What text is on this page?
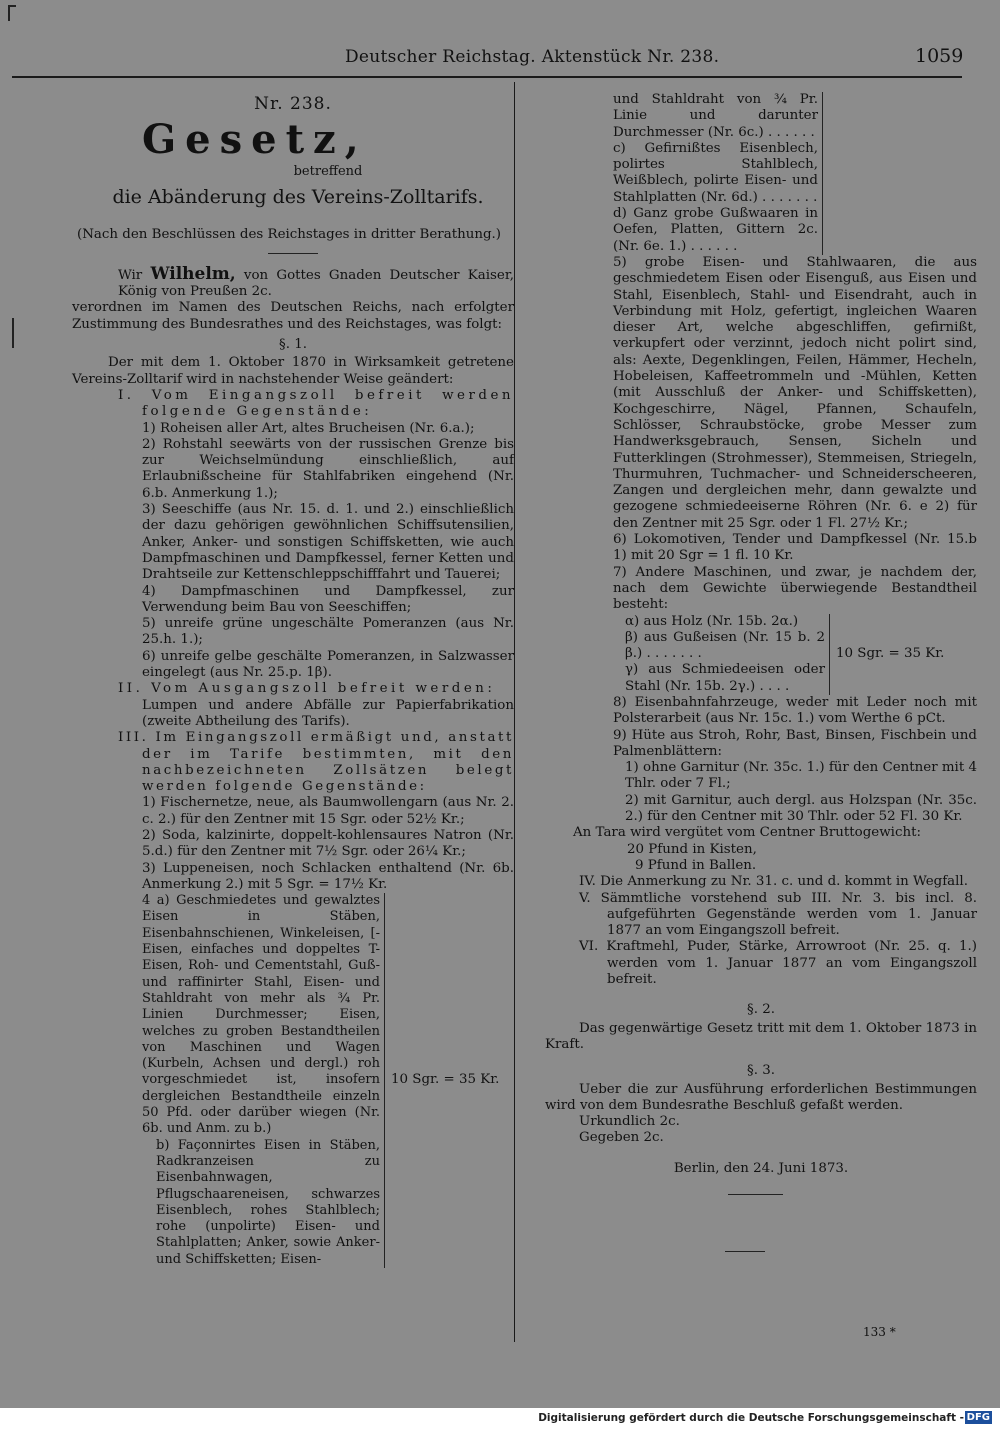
Deutscher Reichstag. Aktenstück Nr. 238.	1059
Nr. 238.
Gesetz,
betreffend
die Abänderung des Vereins-Zolltarifs.
(Nach den Beschlüssen des Reichstages in dritter Berathung.)
Wir Wilhelm, von Gottes Gnaden Deutscher Kaiser, König von Preußen 2c.
verordnen im Namen des Deutschen Reichs, nach erfolgter Zustimmung des Bundesrathes und des Reichstages, was folgt:
§. 1.
Der mit dem 1. Oktober 1870 in Wirksamkeit getretene Vereins-Zolltarif wird in nachstehender Weise geändert:
I. Vom Eingangszoll befreit werden folgende Gegenstände:
1) Roheisen aller Art, altes Brucheisen (Nr. 6.a.);
2) Rohstahl seewärts von der russischen Grenze bis zur Weichselmündung einschließlich, auf Erlaubnißscheine für Stahlfabriken eingehend (Nr. 6.b. Anmerkung 1.);
3) Seeschiffe (aus Nr. 15. d. 1. und 2.) einschließlich der dazu gehörigen gewöhnlichen Schiffsutensilien, Anker, Anker- und sonstigen Schiffsketten, wie auch Dampfmaschinen und Dampfkessel, ferner Ketten und Drahtseile zur Kettenschleppschifffahrt und Tauerei;
4) Dampfmaschinen und Dampfkessel, zur Verwendung beim Bau von Seeschiffen;
5) unreife grüne ungeschälte Pomeranzen (aus Nr. 25.h. 1.);
6) unreife gelbe geschälte Pomeranzen, in Salzwasser eingelegt (aus Nr. 25.p. 1β).
II. Vom Ausgangszoll befreit werden:
Lumpen und andere Abfälle zur Papierfabrikation (zweite Abtheilung des Tarifs).
III. Im Eingangszoll ermäßigt und, anstatt der im Tarife bestimmten, mit den nachbezeichneten Zollsätzen belegt werden folgende Gegenstände:
1) Fischernetze, neue, als Baumwollengarn (aus Nr. 2. c. 2.) für den Zentner mit 15 Sgr. oder 52½ Kr.;
2) Soda, kalzinirte, doppelt-kohlensaures Natron (Nr. 5.d.) für den Zentner mit 7½ Sgr. oder 26¼ Kr.;
3) Luppeneisen, noch Schlacken enthaltend (Nr. 6b. Anmerkung 2.) mit 5 Sgr. = 17½ Kr.
4 a) Geschmiedetes und gewalztes Eisen in Stäben, Eisenbahnschienen, Winkeleisen, [-Eisen, einfaches und doppeltes T-Eisen, Roh- und Cementstahl, Guß- und raffinirter Stahl, Eisen- und Stahldraht von mehr als ¾ Pr. Linien Durchmesser; Eisen, welches zu groben Bestandtheilen von Maschinen und Wagen (Kurbeln, Achsen und dergl.) roh vorgeschmiedet ist, insofern dergleichen Bestandtheile einzeln 50 Pfd. oder darüber wiegen (Nr. 6b. und Anm. zu b.)
b) Façonnirtes Eisen in Stäben, Radkranzeisen zu Eisenbahnwagen, Pflugschaareneisen, schwarzes Eisenblech, rohes Stahlblech; rohe (unpolirte) Eisen- und Stahlplatten; Anker, sowie Anker- und Schiffsketten; Eisen-
10 Sgr. = 35 Kr.
und Stahldraht von ¾ Pr. Linie und darunter Durchmesser (Nr. 6c.) . . . . . .
c) Gefirnißtes Eisenblech, polirtes Stahlblech, Weißblech, polirte Eisen- und Stahlplatten (Nr. 6d.) . . . . . . .
d) Ganz grobe Gußwaaren in Oefen, Platten, Gittern 2c. (Nr. 6e. 1.) . . . . . .
5) grobe Eisen- und Stahlwaaren, die aus geschmiedetem Eisen oder Eisenguß, aus Eisen und Stahl, Eisenblech, Stahl- und Eisendraht, auch in Verbindung mit Holz, gefertigt, ingleichen Waaren dieser Art, welche abgeschliffen, gefirnißt, verkupfert oder verzinnt, jedoch nicht polirt sind, als: Aexte, Degenklingen, Feilen, Hämmer, Hecheln, Hobeleisen, Kaffeetrommeln und -Mühlen, Ketten (mit Ausschluß der Anker- und Schiffsketten), Kochgeschirre, Nägel, Pfannen, Schaufeln, Schlösser, Schraubstöcke, grobe Messer zum Handwerksgebrauch, Sensen, Sicheln und Futterklingen (Strohmesser), Stemmeisen, Striegeln, Thurmuhren, Tuchmacher- und Schneiderscheeren, Zangen und dergleichen mehr, dann gewalzte und gezogene schmiedeeiserne Röhren (Nr. 6. e 2) für den Zentner mit 25 Sgr. oder 1 Fl. 27½ Kr.;
6) Lokomotiven, Tender und Dampfkessel (Nr. 15.b 1) mit 20 Sgr = 1 fl. 10 Kr.
7) Andere Maschinen, und zwar, je nachdem der, nach dem Gewichte überwiegende Bestandtheil besteht:
α) aus Holz (Nr. 15b. 2α.)
β) aus Gußeisen (Nr. 15 b. 2 β.) . . . . . . .
γ) aus Schmiedeeisen oder Stahl (Nr. 15b. 2γ.) . . . .
10 Sgr. = 35 Kr.
8) Eisenbahnfahrzeuge, weder mit Leder noch mit Polsterarbeit (aus Nr. 15c. 1.) vom Werthe 6 pCt.
9) Hüte aus Stroh, Rohr, Bast, Binsen, Fischbein und Palmenblättern:
1) ohne Garnitur (Nr. 35c. 1.) für den Centner mit 4 Thlr. oder 7 Fl.;
2) mit Garnitur, auch dergl. aus Holzspan (Nr. 35c. 2.) für den Centner mit 30 Thlr. oder 52 Fl. 30 Kr.
An Tara wird vergütet vom Centner Bruttogewicht:
20 Pfund in Kisten,
9 Pfund in Ballen.
IV. Die Anmerkung zu Nr. 31. c. und d. kommt in Wegfall.
V. Sämmtliche vorstehend sub III. Nr. 3. bis incl. 8. aufgeführten Gegenstände werden vom 1. Januar 1877 an vom Eingangszoll befreit.
VI. Kraftmehl, Puder, Stärke, Arrowroot (Nr. 25. q. 1.) werden vom 1. Januar 1877 an vom Eingangszoll befreit.
§. 2.
Das gegenwärtige Gesetz tritt mit dem 1. Oktober 1873 in Kraft.
§. 3.
Ueber die zur Ausführung erforderlichen Bestimmungen wird von dem Bundesrathe Beschluß gefaßt werden.
Urkundlich 2c.
Gegeben 2c.
Berlin, den 24. Juni 1873.
133 *
Digitalisierung gefördert durch die Deutsche Forschungsgemeinschaft - DFG
